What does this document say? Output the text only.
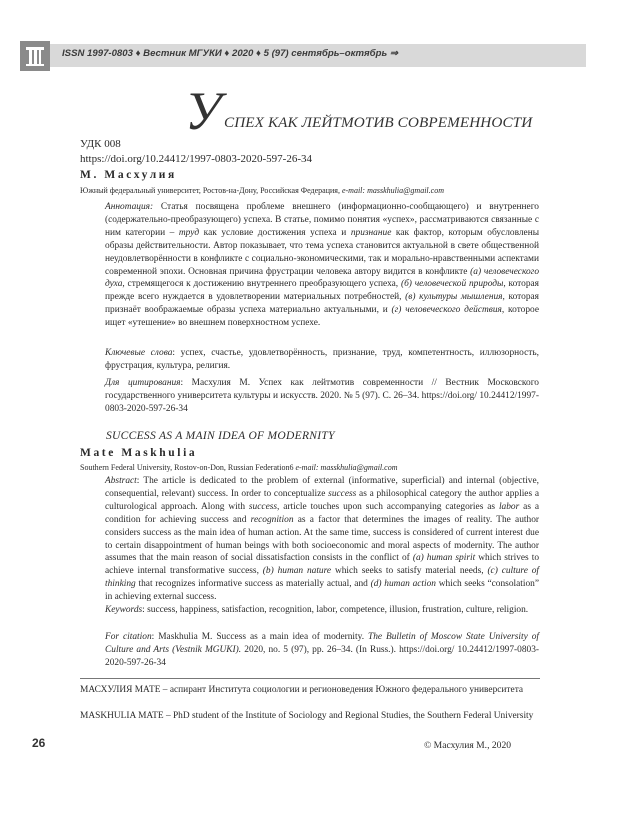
ISSN 1997-0803 ♦ Вестник МГУКИ ♦ 2020 ♦ 5 (97) сентябрь–октябрь ⇒
У СПЕХ КАК ЛЕЙТМОТИВ СОВРЕМЕННОСТИ
УДК 008
https://doi.org/10.24412/1997-0803-2020-597-26-34
М. Масхулия
Южный федеральный университет, Ростов-на-Дону, Российская Федерация, e-mail: masskhulia@gmail.com
Аннотация: Статья посвящена проблеме внешнего (информационно-сообщающего) и внутреннего (содержательно-преобразующего) успеха. В статье, помимо понятия «успех», рассматриваются связанные с ним категории – труд как условие достижения успеха и признание как фактор, которым обусловлены образы действительности. Автор показывает, что тема успеха становится актуальной в свете общественной неудовлетворённости в конфликте с социально-экономическими, так и морально-нравственными аспектами современной эпохи. Основная причина фрустрации человека автору видится в конфликте (а) человеческого духа, стремящегося к достижению внутреннего преобразующего успеха, (б) человеческой природы, которая прежде всего нуждается в удовлетворении материальных потребностей, (в) культуры мышления, которая признаёт воображаемые образы успеха материально актуальными, и (г) человеческого действия, которое ищет «утешение» во внешнем поверхностном успехе.
Ключевые слова: успех, счастье, удовлетворённость, признание, труд, компетентность, иллюзорность, фрустрация, культура, религия.
Для цитирования: Масхулия М. Успех как лейтмотив современности // Вестник Московского государственного университета культуры и искусств. 2020. № 5 (97). С. 26–34. https://doi.org/ 10.24412/1997-0803-2020-597-26-34
SUCCESS AS A MAIN IDEA OF MODERNITY
Mate Maskhulia
Southern Federal University, Rostov-on-Don, Russian Federation6 e-mail: masskhulia@gmail.com
Abstract: The article is dedicated to the problem of external (informative, superficial) and internal (objective, consequential, relevant) success. In order to conceptualize success as a philosophical category the author applies a culturological approach. Along with success, article touches upon such accompanying categories as labor as a condition for achieving success and recognition as a factor that determines the images of reality. The author considers success as the main idea of human action. At the same time, success is considered of current interest due to certain disappointment of human beings with both socioeconomic and moral aspects of modernity. The author assumes that the main reason of social dissatisfaction consists in the conflict of (a) human spirit which strives to achieve internal transformative success, (b) human nature which seeks to satisfy material needs, (c) culture of thinking that recognizes informative success as materially actual, and (d) human action which seeks “consolation” in achieving external success.
Keywords: success, happiness, satisfaction, recognition, labor, competence, illusion, frustration, culture, religion.
For citation: Maskhulia M. Success as a main idea of modernity. The Bulletin of Moscow State University of Culture and Arts (Vestnik MGUKI). 2020, no. 5 (97), pp. 26–34. (In Russ.). https://doi.org/ 10.24412/1997-0803-2020-597-26-34
МАСХУЛИЯ МАТЕ – аспирант Института социологии и регионоведения Южного федерального университета
MASKHULIA MATE – PhD student of the Institute of Sociology and Regional Studies, the Southern Federal University
26	© Масхулия М., 2020
